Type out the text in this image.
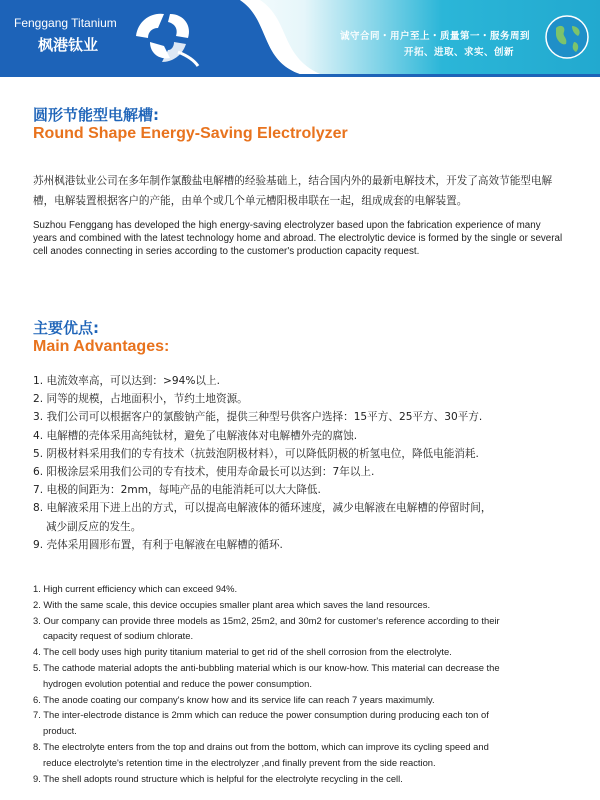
Fenggang Titanium
枫港钛业	诚守合同・用户至上・质量第一・服务周到
开拓、进取、求实、创新
圆形节能型电解槽:
Round Shape Energy-Saving Electrolyzer
苏州枫港钛业公司在多年制作氯酸盐电解槽的经验基础上，结合国内外的最新电解技术，开发了高效节能型电解槽，电解装置根据客户的产能，由单个或几个单元槽阳极串联在一起，组成成套的电解装置。
Suzhou Fenggang has developed the high energy-saving electrolyzer based upon the fabrication experience of many years and combined with the latest technology home and abroad. The electrolytic device is formed by the single or several cell anodes connecting in series according to the customer's production capacity request.
主要优点:
Main Advantages:
1. 电流效率高，可以达到：>94%以上.
2. 同等的规模，占地面积小，节约土地资源。
3. 我们公司可以根据客户的氯酸钠产能，提供三种型号供客户选择：15平方、25平方、30平方.
4. 电解槽的壳体采用高纯钛材，避免了电解液体对电解槽外壳的腐蚀.
5. 阴极材料采用我们的专有技术（抗鼓泡阴极材料），可以降低阴极的析氢电位，降低电能消耗.
6. 阳极涂层采用我们公司的专有技术，使用寿命最长可以达到：7年以上.
7. 电极的间距为：2mm，每吨产品的电能消耗可以大大降低.
8. 电解液采用下进上出的方式，可以提高电解液体的循环速度，减少电解液在电解槽的停留时间，
减少副反应的发生。
9. 壳体采用圆形布置，有利于电解液在电解槽的循环.
1. High current efficiency which can exceed 94%.
2. With the same scale, this device occupies smaller plant area which saves the land resources.
3. Our company can provide three models as 15m2, 25m2, and 30m2 for customer's reference according to their
capacity request of sodium chlorate.
4. The cell body uses high purity titanium material to get rid of the shell corrosion from the electrolyte.
5. The cathode material adopts the anti-bubbling material which is our know-how. This material can decrease the
hydrogen evolution potential and reduce the power consumption.
6. The anode coating our company's know how and its service life can reach 7 years maximumly.
7. The inter-electrode distance is 2mm which can reduce the power consumption during producing each ton of
product.
8. The electrolyte enters from the top and drains out from the bottom, which can improve its cycling speed and
reduce electrolyte's retention time in the electrolyzer ,and finally prevent from the side reaction.
9. The shell adopts round structure which is helpful for the electrolyte recycling in the cell.
